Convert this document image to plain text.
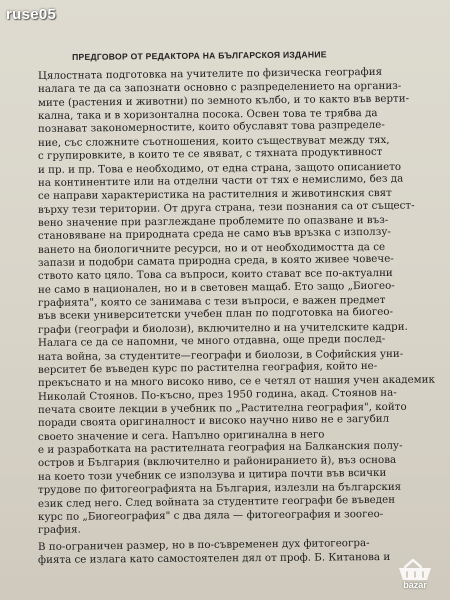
ПРЕДГОВОР ОТ РЕДАКТОРА НА БЪЛГАРСКОЯ ИЗДАНИЕ
Цялостната подготовка на учителите по физическа география
налага те да са запознати основно с разпределението на организ-
мите (растения и животни) по земното кълбо, и то както във верти-
кална, така и в хоризонтална посока. Освен това те трябва да
познават закономерностите, които обуславят това разпределе-
ние, със сложните съотношения, които съществуват между тях,
с групировките, в които те се явяват, с тяхната продуктивност
и пр. и пр. Това е необходимо, от една страна, защото описанието
на континентите или на отделни части от тях е немислимо, без да
се направи характеристика на растителния и животинския свят
върху тези територии. От друга страна, тези познания са от същест-
вено значение при разглеждане проблемите по опазване и въз-
становяване на природната среда не само във връзка с използу-
ването на биологичните ресурси, но и от необходимостта да се
запази и подобри самата природна среда, в която живее човече-
ството като цяло. Това са въпроси, които стават все по-актуални
не само в национален, но и в световен мащаб. Ето защо „Биогео-
графията", която се занимава с тези въпроси, е важен предмет
във всеки университетски учебен план по подготовка на биогео-
графи (географи и биолози), включително и на учителските кадри.
Налага се да се напомни, че много отдавна, още преди послед-
ната война, за студентите—географи и биолози, в Софийския уни-
верситет бе въведен курс по растителна география, който не-
прекъснато и на много високо ниво, се е четял от нашия учен академик
Николай Стоянов. По-късно, през 1950 година, акад. Стоянов на-
печата своите лекции в учебник по „Растителна география", който
поради своята оригиналност и високо научно ниво не е загубил
своето значение и сега. Напълно оригинална в него
е и разработката на растителната география на Балканския полу-
остров и България (включително и райониранието й), въз основа
на което този учебник се използува и цитира почти във всички
трудове по фитогеографията на България, излезли на българския
език след него. След войната за студентите географи бе въведен
курс по „Биогеография" с два дяла — фитогеография и зоогео-
графия.
В по-ограничен размер, но в по-съвременен дух фитогеогра-
фията се излага като самостоятелен дял от проф. Б. Китанова и
ruse05
bazar
